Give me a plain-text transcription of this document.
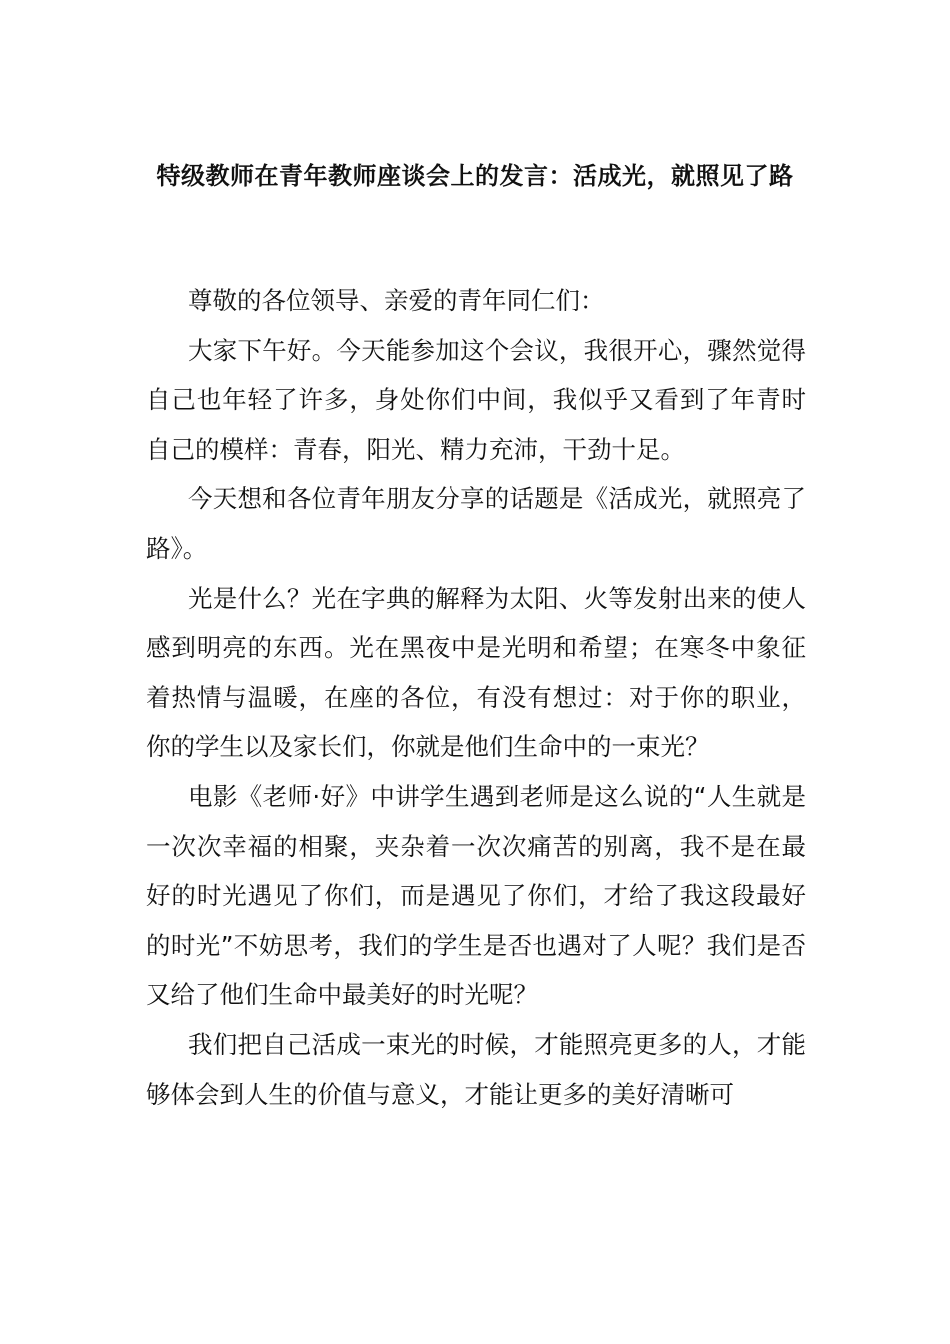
特级教师在青年教师座谈会上的发言：活成光，就照见了路

尊敬的各位领导、亲爱的青年同仁们：

大家下午好。今天能参加这个会议，我很开心，骤然觉得自己也年轻了许多，身处你们中间，我似乎又看到了年青时自己的模样：青春，阳光、精力充沛，干劲十足。

今天想和各位青年朋友分享的话题是《活成光，就照亮了路》。

光是什么？光在字典的解释为太阳、火等发射出来的使人感到明亮的东西。光在黑夜中是光明和希望；在寒冬中象征着热情与温暖，在座的各位，有没有想过：对于你的职业，你的学生以及家长们，你就是他们生命中的一束光？

电影《老师·好》中讲学生遇到老师是这么说的“人生就是一次次幸福的相聚，夹杂着一次次痛苦的别离，我不是在最好的时光遇见了你们，而是遇见了你们，才给了我这段最好的时光”不妨思考，我们的学生是否也遇对了人呢？我们是否又给了他们生命中最美好的时光呢？

我们把自己活成一束光的时候，才能照亮更多的人，才能够体会到人生的价值与意义，才能让更多的美好清晰可
